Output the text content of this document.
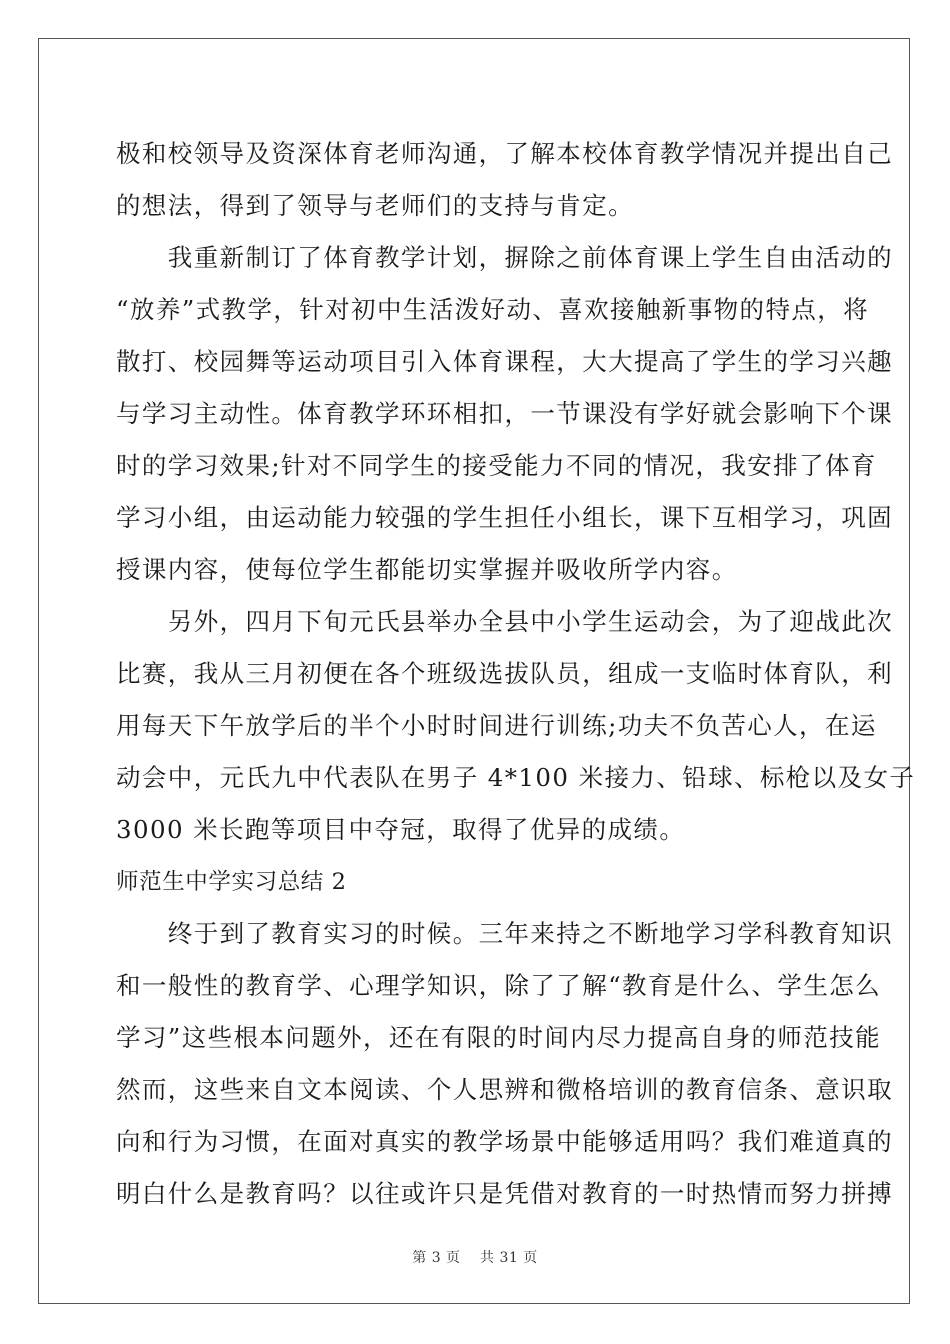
极和校领导及资深体育老师沟通，了解本校体育教学情况并提出自己
的想法，得到了领导与老师们的支持与肯定。
　　我重新制订了体育教学计划，摒除之前体育课上学生自由活动的
“放养”式教学，针对初中生活泼好动、喜欢接触新事物的特点，将
散打、校园舞等运动项目引入体育课程，大大提高了学生的学习兴趣
与学习主动性。体育教学环环相扣，一节课没有学好就会影响下个课
时的学习效果;针对不同学生的接受能力不同的情况，我安排了体育
学习小组，由运动能力较强的学生担任小组长，课下互相学习，巩固
授课内容，使每位学生都能切实掌握并吸收所学内容。
　　另外，四月下旬元氏县举办全县中小学生运动会，为了迎战此次
比赛，我从三月初便在各个班级选拔队员，组成一支临时体育队，利
用每天下午放学后的半个小时时间进行训练;功夫不负苦心人，在运
动会中，元氏九中代表队在男子 4*100 米接力、铅球、标枪以及女子
3000 米长跑等项目中夺冠，取得了优异的成绩。
师范生中学实习总结 2
　　终于到了教育实习的时候。三年来持之不断地学习学科教育知识
和一般性的教育学、心理学知识，除了了解“教育是什么、学生怎么
学习”这些根本问题外，还在有限的时间内尽力提高自身的师范技能
然而，这些来自文本阅读、个人思辨和微格培训的教育信条、意识取
向和行为习惯，在面对真实的教学场景中能够适用吗？我们难道真的
明白什么是教育吗？以往或许只是凭借对教育的一时热情而努力拼搏
第 3 页　 共 31 页
